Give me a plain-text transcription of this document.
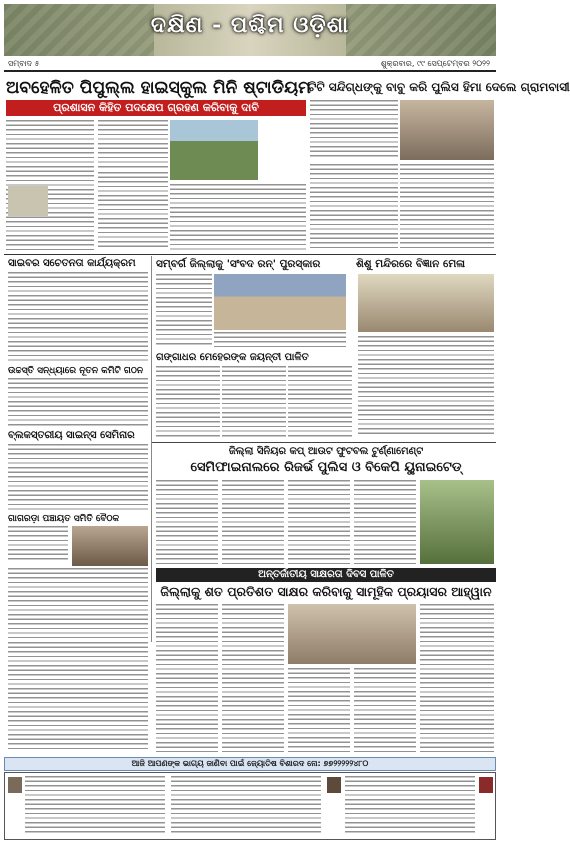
ଦକ୍ଷିଣ - ପଶ୍ଚିମ ଓଡ଼ିଶା
ସମ୍ବାଦ ୫	ଶୁକ୍ରବାର, ୯୯ ସେପ୍ଟେମ୍ବର ୨୦୨୨
ଅବହେଳିତ ପିପୁଲ୍ଲ ହାଇସ୍କୁଲ ମିନି ଷ୍ଟାଡିୟମ
ପ୍ରଶାସନ କିହିତ ପଦକ୍ଷେପ ଗ୍ରହଣ କରିବାକୁ ଦାବି
ଟିଟି ସନ୍ଦିଗ୍ଧଙ୍କୁ ବାବୁ କରି ପୁଲିସ ହିମା ଦେଲେ ଗ୍ରାମବାସୀ
ସାଇବର ସଚେତନତା କାର୍ଯ୍ୟକ୍ରମ
ଉଚ୍ଚସ୍ତି ସନ୍ଧ୍ୟାରେ ନୂତନ କମିଟି ଗଠନ
ବ୍ଲକସ୍ତରୀୟ ସାଇନ୍ସ ସେମିନାର
ଗାଗରଡ଼ା ପଞ୍ଚାୟତ ସମିତି ବୈଠକ
ସମ୍ବର୍ଗ ଜିଲ୍ଲାକୁ 'ସଂବଦ ରନ୍' ପୁରସ୍କାର	ଶିଶୁ ମନ୍ଦିରରେ ବିଜ୍ଞାନ ମେଳା
ଗଙ୍ଗାଧର ମେହେରଙ୍କ ଜୟନ୍ତୀ ପାଳିତ
ଜିଲ୍ଲା ସିନିୟର କପ୍ ଆଉଟ ଫୁଟବଲ ଟୁର୍ଣ୍ଣାମେଣ୍ଟ
ସେମିଫାଇନାଲରେ ରିଜର୍ଭ ପୁଲିସ ଓ ବିକେପି ୟୁନାଇଟେଡ୍
ଅନ୍ତର୍ଜାତୀୟ ସାକ୍ଷରତା ଦିବସ ପାଳିତ
ଜିଲ୍ଲାକୁ ଶତ ପ୍ରତିଶତ ସାକ୍ଷର କରିବାକୁ ସାମୂହିକ ପ୍ରୟାସର ଆହ୍ୱାନ
ଆଜି ଆପଣଙ୍କ ଭାଗ୍ୟ ଜାଣିବା ପାଇଁ ଜ୍ୟୋତିଷ ବିଶାରଦ ନୋ: ୭୭୨୨୨୨୨୪୮୦
